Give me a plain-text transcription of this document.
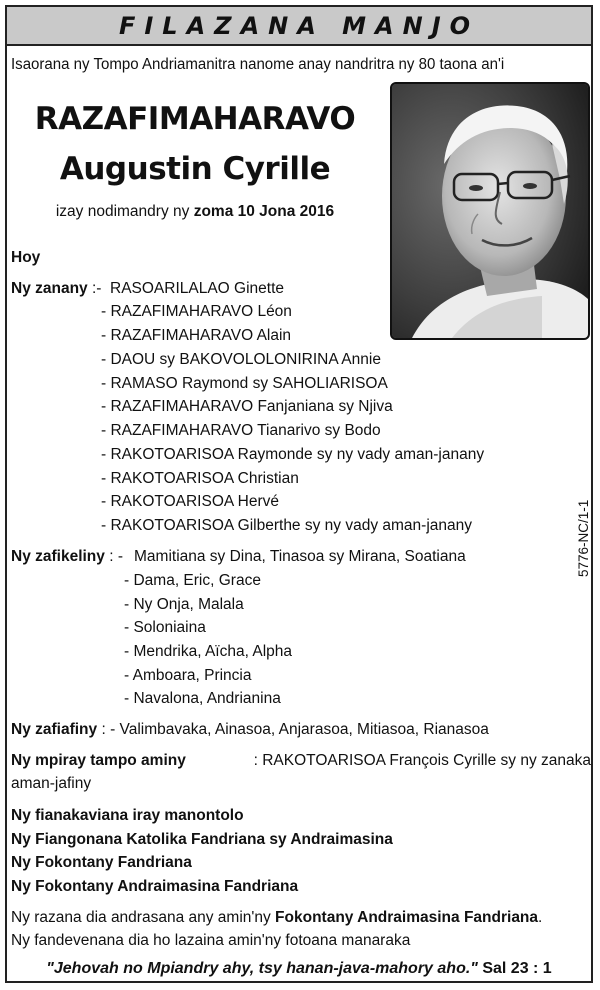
FILAZANA MANJO
Isaorana ny Tompo Andriamanitra nanome anay nandritra ny 80 taona an'i
RAZAFIMAHARAVO
Augustin Cyrille
izay nodimandry ny zoma 10 Jona 2016
Hoy
Ny zanany :- RASOARILALAO Ginette
- RAZAFIMAHARAVO Léon
- RAZAFIMAHARAVO Alain
- DAOU sy BAKOVOLOLONIRINA Annie
- RAMASO Raymond sy SAHOLIARISOA
- RAZAFIMAHARAVO Fanjaniana sy Njiva
- RAZAFIMAHARAVO Tianarivo sy Bodo
- RAKOTOARISOA Raymonde sy ny vady aman-janany
- RAKOTOARISOA Christian
- RAKOTOARISOA Hervé
- RAKOTOARISOA Gilberthe sy ny vady aman-janany
Ny zafikeliny : - Mamitiana sy Dina, Tinasoa sy Mirana, Soatiana
- Dama, Eric, Grace
- Ny Onja, Malala
- Soloniaina
- Mendrika, Aïcha, Alpha
- Amboara, Princia
- Navalona, Andrianina
5776-NC/1-1
Ny zafiafiny : - Valimbavaka, Ainasoa, Anjarasoa, Mitiasoa, Rianasoa
Ny mpiray tampo aminy	: RAKOTOARISOA François Cyrille sy ny zanaka
aman-jafiny
Ny fianakaviana iray manontolo
Ny Fiangonana Katolika Fandriana sy Andraimasina
Ny Fokontany Fandriana
Ny Fokontany Andraimasina Fandriana
Ny razana dia andrasana any amin'ny Fokontany Andraimasina Fandriana.
Ny fandevenana dia ho lazaina amin'ny fotoana manaraka
"Jehovah no Mpiandry ahy, tsy hanan-java-mahory aho." Sal 23 : 1
